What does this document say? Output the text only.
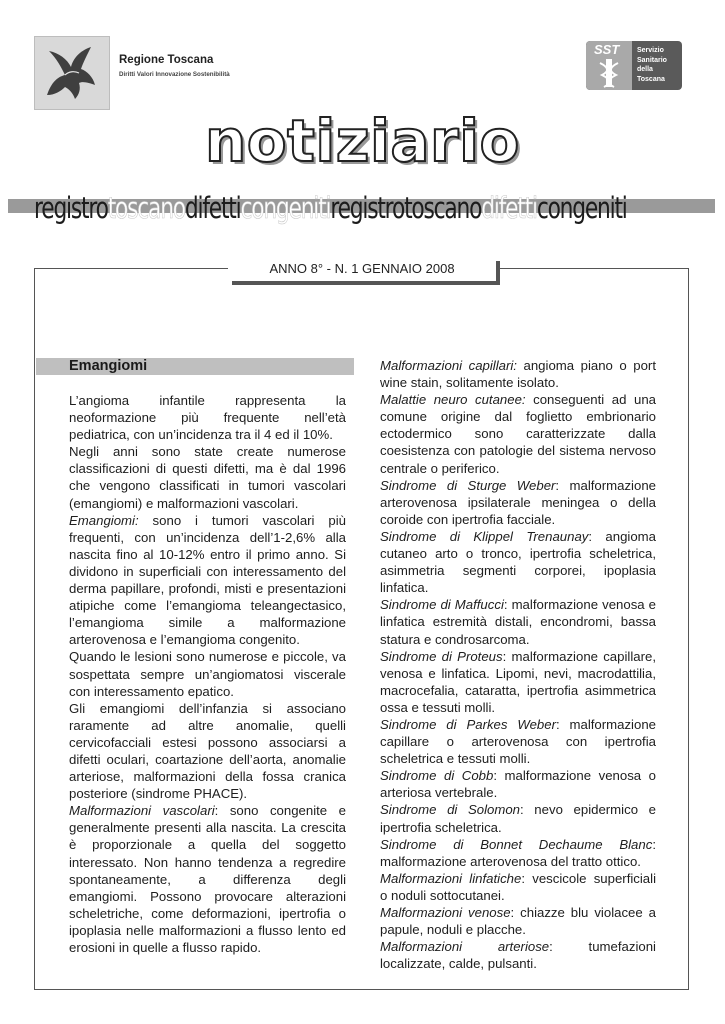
Regione Toscana
Diritti Valori Innovazione Sostenibilità
SST	Servizio
Sanitario
della
Toscana
notiziario
registrotoscanodifetticongenitiregistrotoscanodifetticongeniti
ANNO 8° - N. 1 GENNAIO 2008
Emangiomi

L’angioma infantile rappresenta la neoformazione più frequente nell’età pediatrica, con un’incidenza tra il 4 ed il 10%.

Negli anni sono state create numerose classificazioni di questi difetti, ma è dal 1996 che vengono classificati in tumori vascolari (emangiomi) e malformazioni vascolari.

Emangiomi: sono i tumori vascolari più frequenti, con un’incidenza dell’1-2,6% alla nascita fino al 10-12% entro il primo anno. Si dividono in superficiali con interessamento del derma papillare, profondi, misti e presentazioni atipiche come l’emangioma teleangectasico, l’emangioma simile a malformazione arterovenosa e l’emangioma congenito.

Quando le lesioni sono numerose e piccole, va sospettata sempre un’angiomatosi viscerale con interessamento epatico.

Gli emangiomi dell’infanzia si associano raramente ad altre anomalie, quelli cervicofacciali estesi possono associarsi a difetti oculari, coartazione dell’aorta, anomalie arteriose, malformazioni della fossa cranica posteriore (sindrome PHACE).

Malformazioni vascolari: sono congenite e generalmente presenti alla nascita. La crescita è proporzionale a quella del soggetto interessato. Non hanno tendenza a regredire spontaneamente, a differenza degli emangiomi. Possono provocare alterazioni scheletriche, come deformazioni, ipertrofia o ipoplasia nelle malformazioni a flusso lento ed erosioni in quelle a flusso rapido.

Malformazioni capillari: angioma piano o port wine stain, solitamente isolato.

Malattie neuro cutanee: conseguenti ad una comune origine dal foglietto embrionario ectodermico sono caratterizzate dalla coesistenza con patologie del sistema nervoso centrale o periferico.

Sindrome di Sturge Weber: malformazione arterovenosa ipsilaterale meningea o della coroide con ipertrofia facciale.

Sindrome di Klippel Trenaunay: angioma cutaneo arto o tronco, ipertrofia scheletrica, asimmetria segmenti corporei, ipoplasia linfatica.

Sindrome di Maffucci: malformazione venosa e linfatica estremità distali, encondromi, bassa statura e condrosarcoma.

Sindrome di Proteus: malformazione capillare, venosa e linfatica. Lipomi, nevi, macrodattilia, macrocefalia, cataratta, ipertrofia asimmetrica ossa e tessuti molli.

Sindrome di Parkes Weber: malformazione capillare o arterovenosa con ipertrofia scheletrica e tessuti molli.

Sindrome di Cobb: malformazione venosa o arteriosa vertebrale.

Sindrome di Solomon: nevo epidermico e ipertrofia scheletrica.

Sindrome di Bonnet Dechaume Blanc: malformazione arterovenosa del tratto ottico.

Malformazioni linfatiche: vescicole superficiali o noduli sottocutanei.

Malformazioni venose: chiazze blu violacee a papule, noduli e placche.

Malformazioni arteriose: tumefazioni localizzate, calde, pulsanti.
